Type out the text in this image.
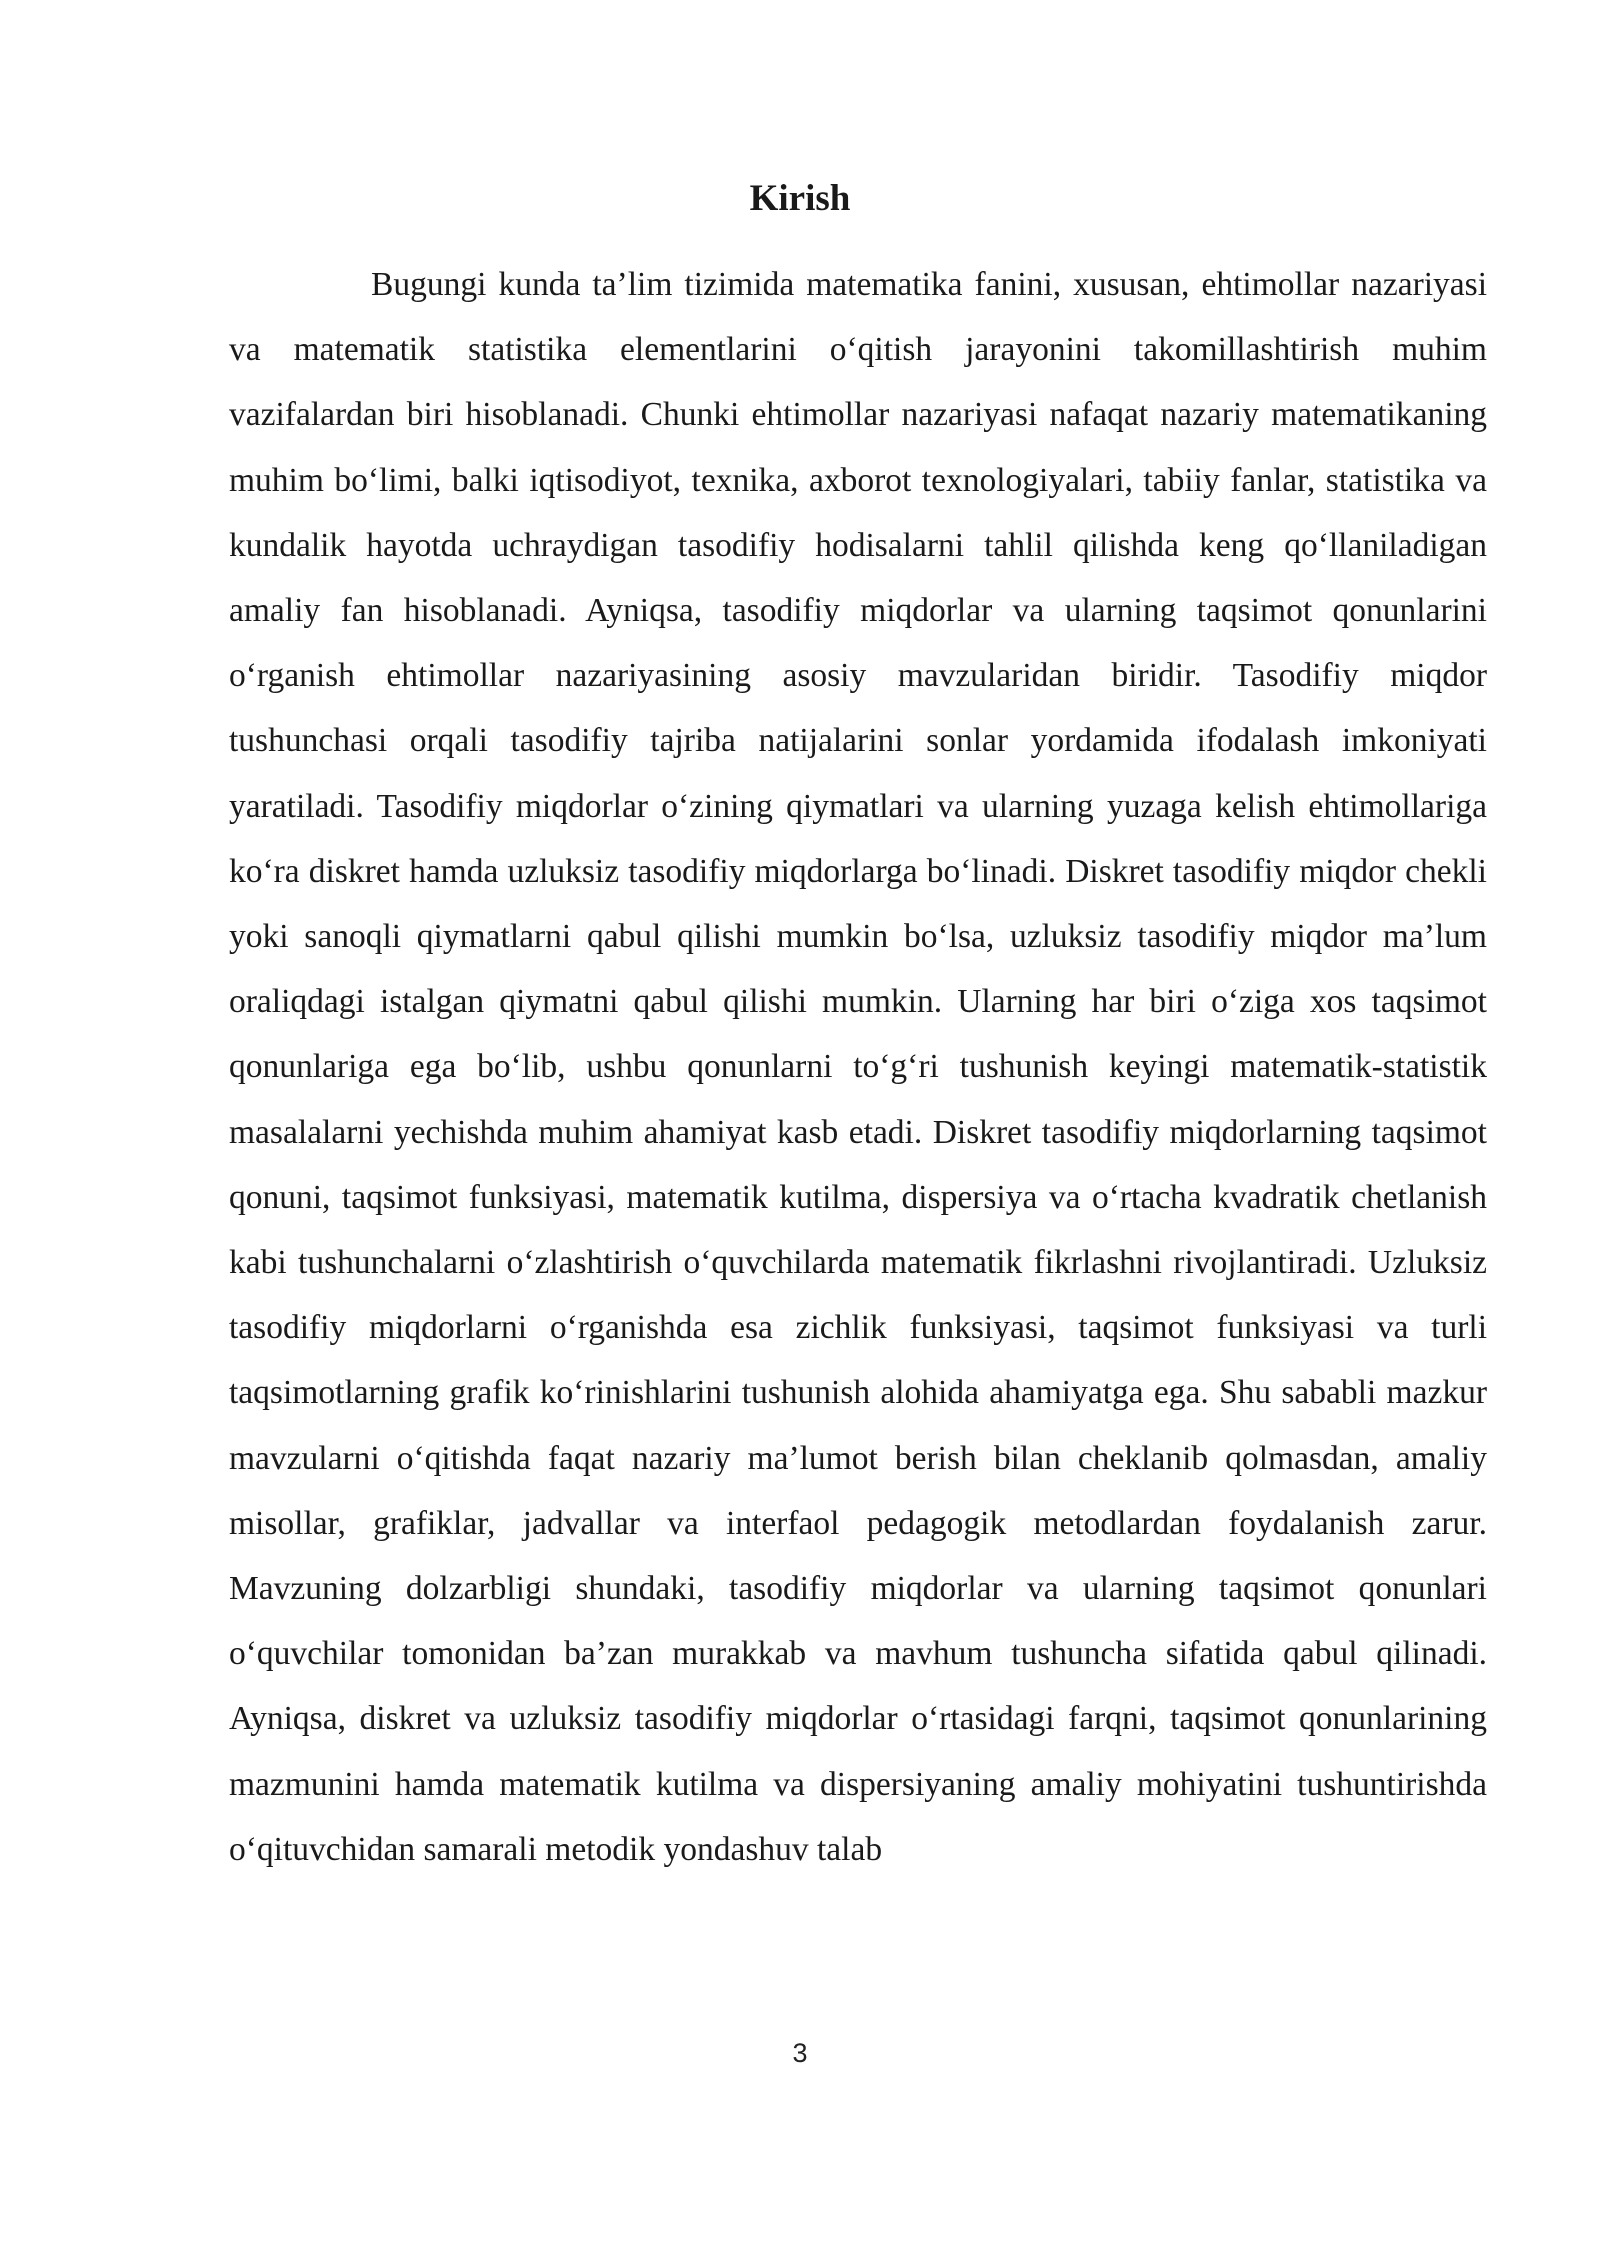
Kirish

Bugungi kunda ta’lim tizimida matematika fanini, xususan, ehtimollar nazariyasi va matematik statistika elementlarini o‘qitish jarayonini takomillashtirish muhim vazifalardan biri hisoblanadi. Chunki ehtimollar nazariyasi nafaqat nazariy matematikaning muhim bo‘limi, balki iqtisodiyot, texnika, axborot texnologiyalari, tabiiy fanlar, statistika va kundalik hayotda uchraydigan tasodifiy hodisalarni tahlil qilishda keng qo‘llaniladigan amaliy fan hisoblanadi. Ayniqsa, tasodifiy miqdorlar va ularning taqsimot qonunlarini o‘rganish ehtimollar nazariyasining asosiy mavzularidan biridir. Tasodifiy miqdor tushunchasi orqali tasodifiy tajriba natijalarini sonlar yordamida ifodalash imkoniyati yaratiladi. Tasodifiy miqdorlar o‘zining qiymatlari va ularning yuzaga kelish ehtimollariga ko‘ra diskret hamda uzluksiz tasodifiy miqdorlarga bo‘linadi. Diskret tasodifiy miqdor chekli yoki sanoqli qiymatlarni qabul qilishi mumkin bo‘lsa, uzluksiz tasodifiy miqdor ma’lum oraliqdagi istalgan qiymatni qabul qilishi mumkin. Ularning har biri o‘ziga xos taqsimot qonunlariga ega bo‘lib, ushbu qonunlarni to‘g‘ri tushunish keyingi matematik-statistik masalalarni yechishda muhim ahamiyat kasb etadi. Diskret tasodifiy miqdorlarning taqsimot qonuni, taqsimot funksiyasi, matematik kutilma, dispersiya va o‘rtacha kvadratik chetlanish kabi tushunchalarni o‘zlashtirish o‘quvchilarda matematik fikrlashni rivojlantiradi. Uzluksiz tasodifiy miqdorlarni o‘rganishda esa zichlik funksiyasi, taqsimot funksiyasi va turli taqsimotlarning grafik ko‘rinishlarini tushunish alohida ahamiyatga ega. Shu sababli mazkur mavzularni o‘qitishda faqat nazariy ma’lumot berish bilan cheklanib qolmasdan, amaliy misollar, grafiklar, jadvallar va interfaol pedagogik metodlardan foydalanish zarur. Mavzuning dolzarbligi shundaki, tasodifiy miqdorlar va ularning taqsimot qonunlari o‘quvchilar tomonidan ba’zan murakkab va mavhum tushuncha sifatida qabul qilinadi. Ayniqsa, diskret va uzluksiz tasodifiy miqdorlar o‘rtasidagi farqni, taqsimot qonunlarining mazmunini hamda matematik kutilma va dispersiyaning amaliy mohiyatini tushuntirishda o‘qituvchidan samarali metodik yondashuv talab

3
